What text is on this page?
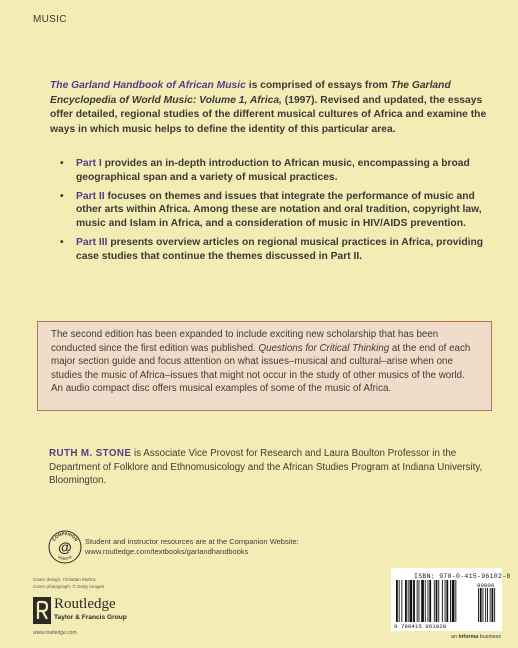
MUSIC

The Garland Handbook of African Music is comprised of essays from The Garland Encyclopedia of World Music: Volume 1, Africa, (1997). Revised and updated, the essays offer detailed, regional studies of the different musical cultures of Africa and examine the ways in which music helps to define the identity of this particular area.

• Part I provides an in-depth introduction to African music, encompassing a broad geographical span and a variety of musical practices.
• Part II focuses on themes and issues that integrate the performance of music and other arts within Africa. Among these are notation and oral tradition, copyright law, music and Islam in Africa, and a consideration of music in HIV/AIDS prevention.
• Part III presents overview articles on regional musical practices in Africa, providing case studies that continue the themes discussed in Part II.
The second edition has been expanded to include exciting new scholarship that has been conducted since the first edition was published. Questions for Critical Thinking at the end of each major section guide and focus attention on what issues–musical and cultural–arise when one studies the music of Africa–issues that might not occur in the study of other musics of the world. An audio compact disc offers musical examples of some of the music of Africa.

RUTH M. STONE is Associate Vice Provost for Research and Laura Boulton Professor in the Department of Folklore and Ethnomusicology and the African Studies Program at Indiana University, Bloomington.

COMPANION
WEBSITE
@ Student and instructor resources are at the Companion Website:
www.routledge.com/textbooks/garlandhandbooks
Cover design: Christian Muñoz
Cover photograph: © Getty Images
Routledge
Taylor & Francis Group
www.routledge.com
ISBN: 978-0-415-96102-8
9 780415 961028
90000
an informa business
